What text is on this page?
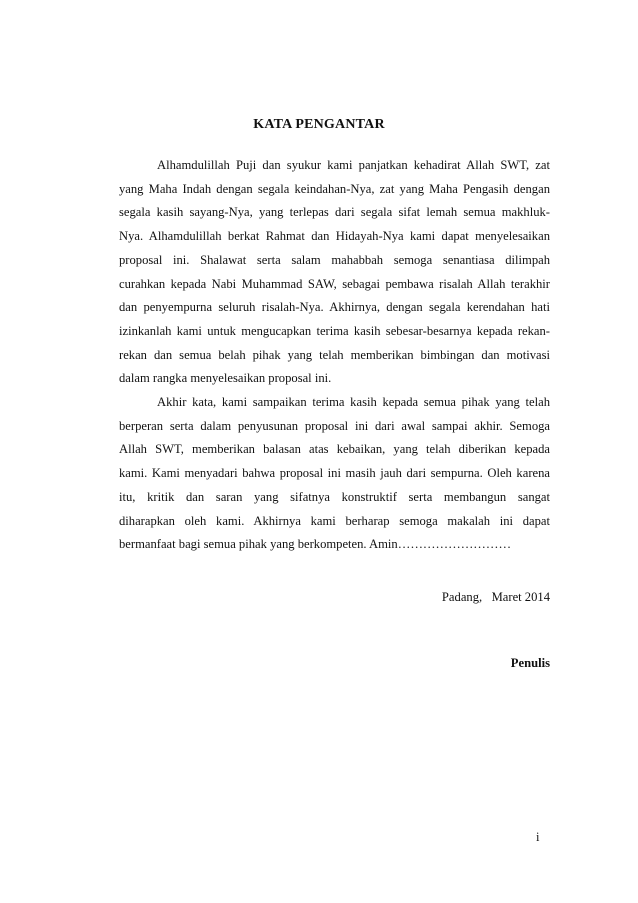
KATA PENGANTAR

Alhamdulillah Puji dan syukur kami panjatkan kehadirat Allah SWT, zat
yang Maha Indah dengan segala keindahan-Nya, zat yang Maha Pengasih dengan
segala kasih sayang-Nya, yang terlepas dari segala sifat lemah semua makhluk-
Nya. Alhamdulillah berkat Rahmat dan Hidayah-Nya kami dapat menyelesaikan
proposal ini. Shalawat serta salam mahabbah semoga senantiasa dilimpah
curahkan kepada Nabi Muhammad SAW, sebagai pembawa risalah Allah terakhir
dan penyempurna seluruh risalah-Nya. Akhirnya, dengan segala kerendahan hati
izinkanlah kami untuk mengucapkan terima kasih sebesar-besarnya kepada rekan-
rekan dan semua belah pihak yang telah memberikan bimbingan dan motivasi
dalam rangka menyelesaikan proposal ini.

Akhir kata, kami sampaikan terima kasih kepada semua pihak yang telah
berperan serta dalam penyusunan proposal ini dari awal sampai akhir. Semoga
Allah SWT, memberikan balasan atas kebaikan, yang telah diberikan kepada
kami. Kami menyadari bahwa proposal ini masih jauh dari sempurna. Oleh karena
itu, kritik dan saran yang sifatnya konstruktif serta membangun sangat
diharapkan oleh kami. Akhirnya kami berharap semoga makalah ini dapat
bermanfaat bagi semua pihak yang berkompeten. Amin………………………

Padang,   Maret 2014
Penulis
i
